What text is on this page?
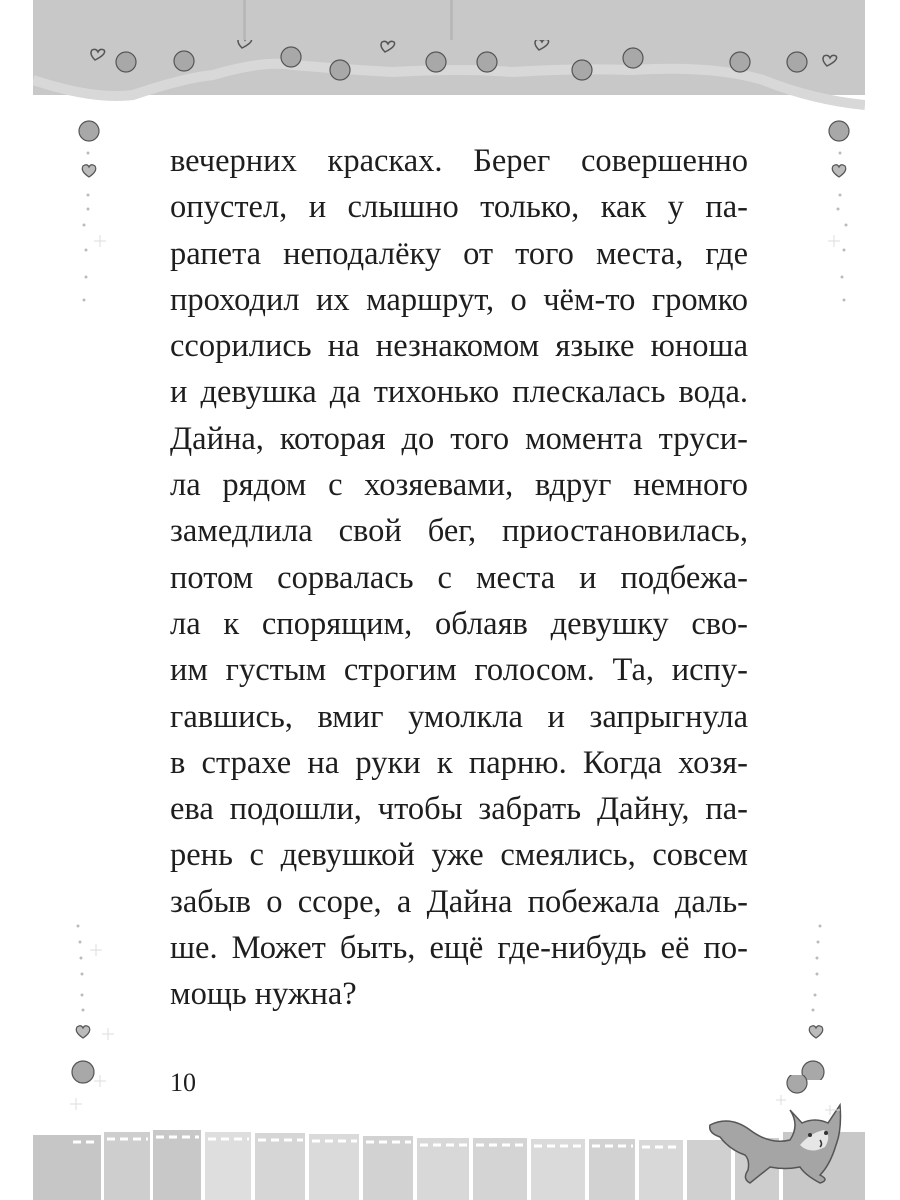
вечерних красках. Берег совершенно
опустел, и слышно только, как у па-
рапета неподалёку от того места, где
проходил их маршрут, о чём-то громко
ссорились на незнакомом языке юноша
и девушка да тихонько плескалась вода.
Дайна, которая до того момента труси-
ла рядом с хозяевами, вдруг немного
замедлила свой бег, приостановилась,
потом сорвалась с места и подбежа-
ла к спорящим, облаяв девушку сво-
им густым строгим голосом. Та, испу-
гавшись, вмиг умолкла и запрыгнула
в страхе на руки к парню. Когда хозя-
ева подошли, чтобы забрать Дайну, па-
рень с девушкой уже смеялись, совсем
забыв о ссоре, а Дайна побежала даль-
ше. Может быть, ещё где-нибудь её по-
мощь нужна?
10
